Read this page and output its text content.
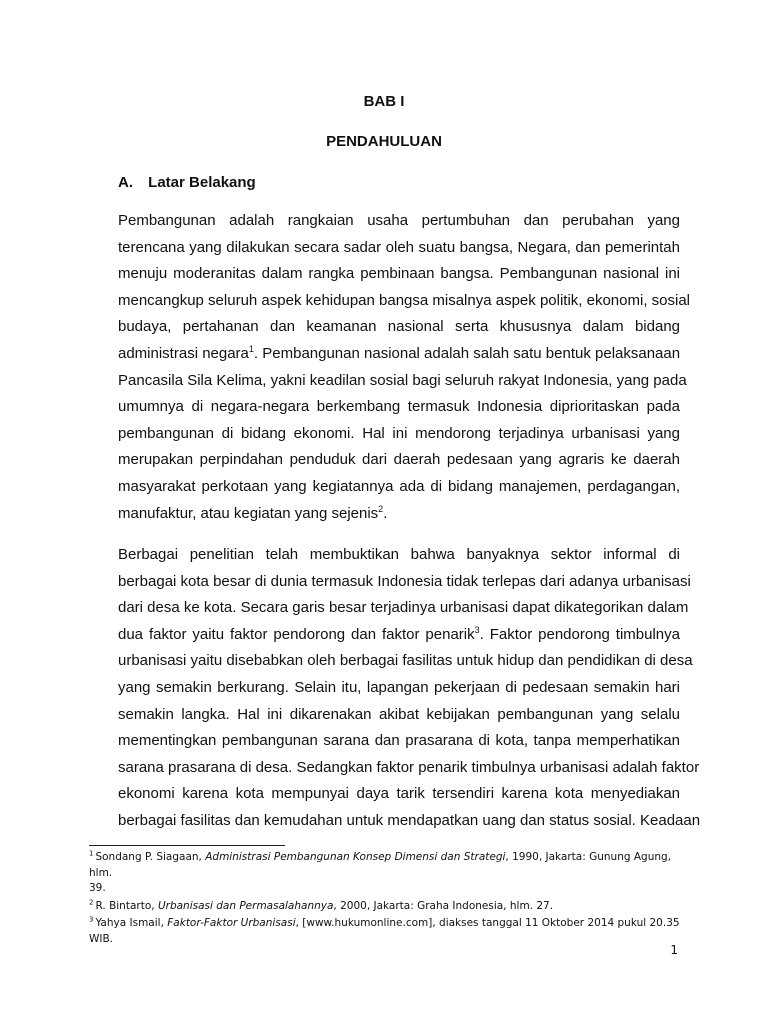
BAB I
PENDAHULUAN
A. Latar Belakang
Pembangunan adalah rangkaian usaha pertumbuhan dan perubahan yang
terencana yang dilakukan secara sadar oleh suatu bangsa, Negara, dan pemerintah
menuju moderanitas dalam rangka pembinaan bangsa. Pembangunan nasional ini
mencangkup seluruh aspek kehidupan bangsa misalnya aspek politik, ekonomi, sosial
budaya, pertahanan dan keamanan nasional serta khususnya dalam bidang
administrasi negara$^1$. Pembangunan nasional adalah salah satu bentuk pelaksanaan
Pancasila Sila Kelima, yakni keadilan sosial bagi seluruh rakyat Indonesia, yang pada
umumnya di negara-negara berkembang termasuk Indonesia diprioritaskan pada
pembangunan di bidang ekonomi. Hal ini mendorong terjadinya urbanisasi yang
merupakan perpindahan penduduk dari daerah pedesaan yang agraris ke daerah
masyarakat perkotaan yang kegiatannya ada di bidang manajemen, perdagangan,
manufaktur, atau kegiatan yang sejenis$^2$.
Berbagai penelitian telah membuktikan bahwa banyaknya sektor informal di
berbagai kota besar di dunia termasuk Indonesia tidak terlepas dari adanya urbanisasi
dari desa ke kota. Secara garis besar terjadinya urbanisasi dapat dikategorikan dalam
dua faktor yaitu faktor pendorong dan faktor penarik$^3$. Faktor pendorong timbulnya
urbanisasi yaitu disebabkan oleh berbagai fasilitas untuk hidup dan pendidikan di desa
yang semakin berkurang. Selain itu, lapangan pekerjaan di pedesaan semakin hari
semakin langka. Hal ini dikarenakan akibat kebijakan pembangunan yang selalu
mementingkan pembangunan sarana dan prasarana di kota, tanpa memperhatikan
sarana prasarana di desa. Sedangkan faktor penarik timbulnya urbanisasi adalah faktor
ekonomi karena kota mempunyai daya tarik tersendiri karena kota menyediakan
berbagai fasilitas dan kemudahan untuk mendapatkan uang dan status sosial. Keadaan
$^1$ Sondang P. Siagaan, Administrasi Pembangunan Konsep Dimensi dan Strategi, 1990, Jakarta: Gunung Agung, hlm.
39.
$^2$ R. Bintarto, Urbanisasi dan Permasalahannya, 2000, Jakarta: Graha Indonesia, hlm. 27.
$^3$ Yahya Ismail, Faktor-Faktor Urbanisasi, [www.hukumonline.com], diakses tanggal 11 Oktober 2014 pukul 20.35
WIB.
1
